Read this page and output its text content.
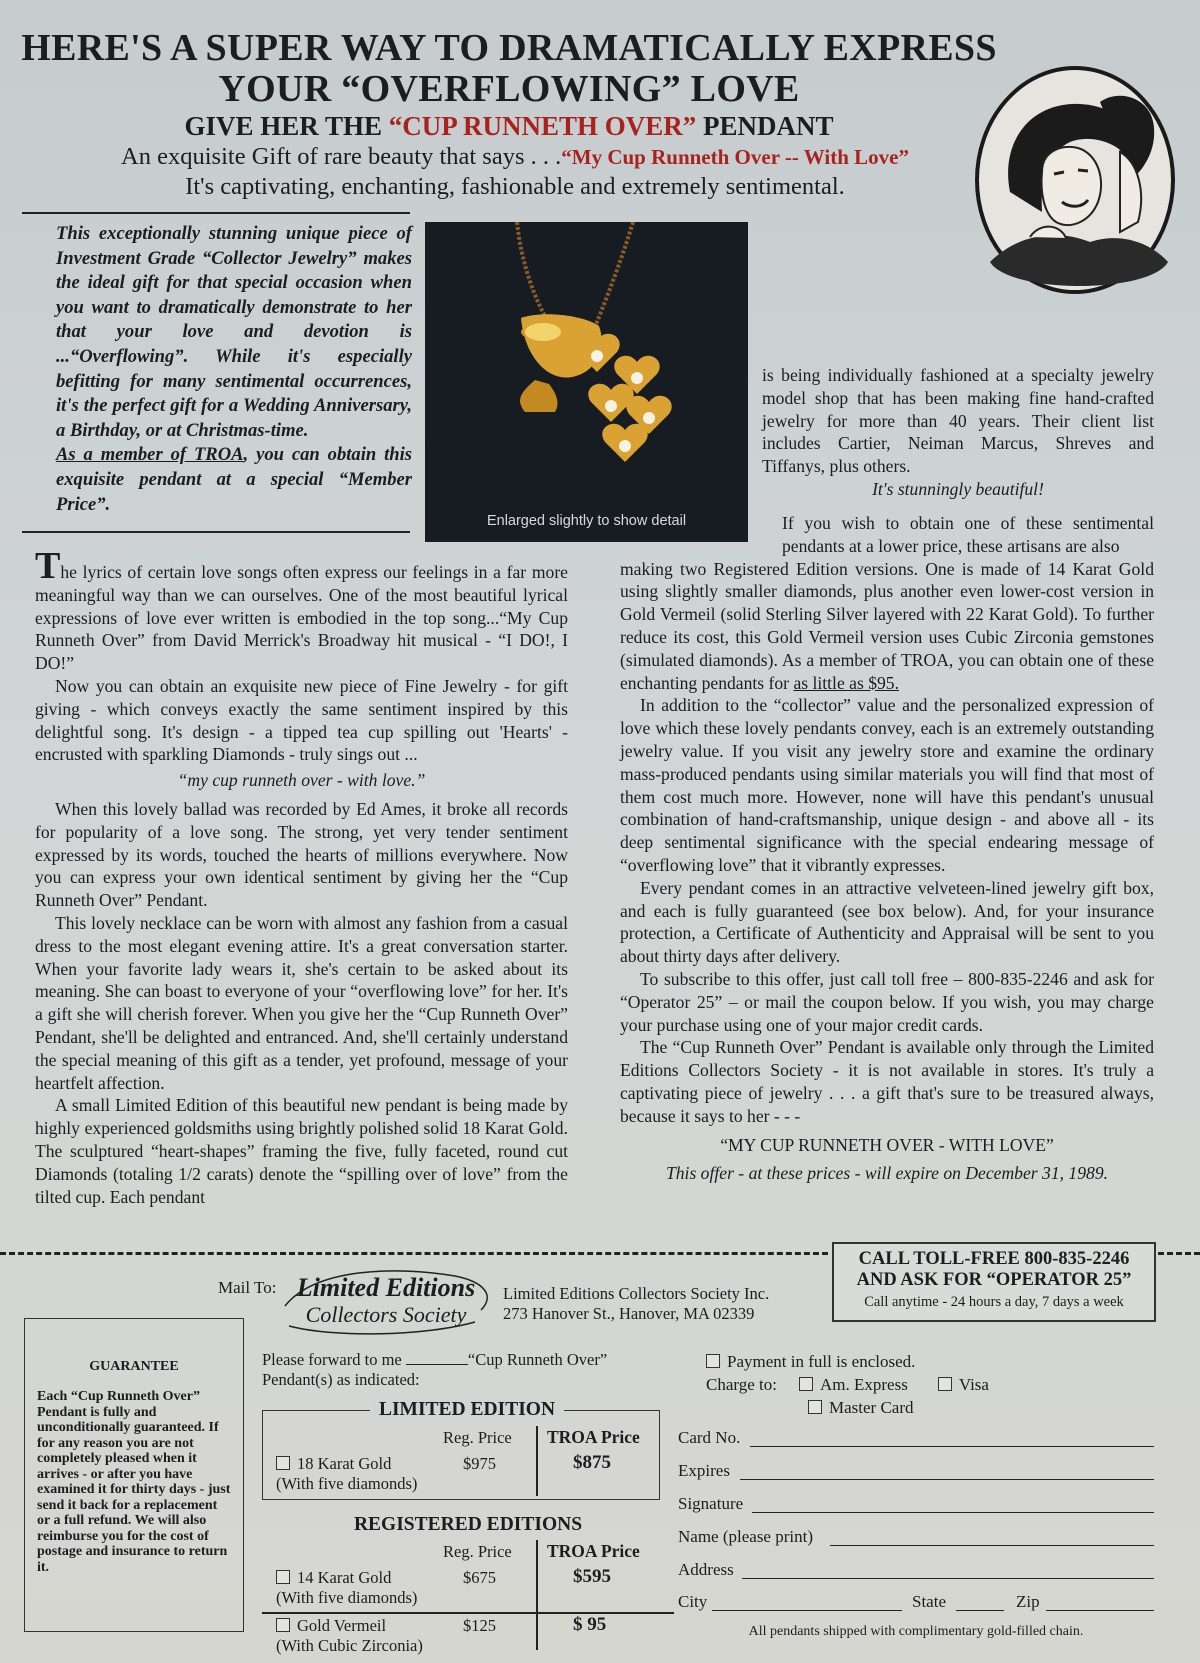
HERE'S A SUPER WAY TO DRAMATICALLY EXPRESS
YOUR “OVERFLOWING” LOVE
GIVE HER THE “CUP RUNNETH OVER” PENDANT
An exquisite Gift of rare beauty that says . . .“My Cup Runneth Over -- With Love”
It's captivating, enchanting, fashionable and extremely sentimental.
This exceptionally stunning unique piece of Investment Grade “Collector Jewelry” makes the ideal gift for that special occasion when you want to dramatically demonstrate to her that your love and devotion is ...“Overflowing”. While it's especially befitting for many sentimental occurrences, it's the perfect gift for a Wedding Anniversary, a Birthday, or at Christmas-time.
As a member of TROA, you can obtain this exquisite pendant at a special “Member Price”.
Enlarged slightly to show detail

is being individually fashioned at a specialty jewelry model shop that has been making fine hand-crafted jewelry for more than 40 years. Their client list includes Cartier, Neiman Marcus, Shreves and Tiffanys, plus others.

It's stunningly beautiful!

The lyrics of certain love songs often express our feelings in a far more meaningful way than we can ourselves. One of the most beautiful lyrical expressions of love ever written is embodied in the top song...“My Cup Runneth Over” from David Merrick's Broadway hit musical - “I DO!, I DO!”

Now you can obtain an exquisite new piece of Fine Jewelry - for gift giving - which conveys exactly the same sentiment inspired by this delightful song. It's design - a tipped tea cup spilling out 'Hearts' - encrusted with sparkling Diamonds - truly sings out ...

“my cup runneth over - with love.”

When this lovely ballad was recorded by Ed Ames, it broke all records for popularity of a love song. The strong, yet very tender sentiment expressed by its words, touched the hearts of millions everywhere. Now you can express your own identical sentiment by giving her the “Cup Runneth Over” Pendant.

This lovely necklace can be worn with almost any fashion from a casual dress to the most elegant evening attire. It's a great conversation starter. When your favorite lady wears it, she's certain to be asked about its meaning. She can boast to everyone of your “overflowing love” for her. It's a gift she will cherish forever. When you give her the “Cup Runneth Over” Pendant, she'll be delighted and entranced. And, she'll certainly understand the special meaning of this gift as a tender, yet profound, message of your heartfelt affection.

A small Limited Edition of this beautiful new pendant is being made by highly experienced goldsmiths using brightly polished solid 18 Karat Gold. The sculptured “heart-shapes” framing the five, fully faceted, round cut Diamonds (totaling 1/2 carats) denote the “spilling over of love” from the tilted cup. Each pendant

If you wish to obtain one of these sentimental pendants at a lower price, these artisans are also

making two Registered Edition versions. One is made of 14 Karat Gold using slightly smaller diamonds, plus another even lower-cost version in Gold Vermeil (solid Sterling Silver layered with 22 Karat Gold). To further reduce its cost, this Gold Vermeil version uses Cubic Zirconia gemstones (simulated diamonds). As a member of TROA, you can obtain one of these enchanting pendants for as little as $95.

In addition to the “collector” value and the personalized expression of love which these lovely pendants convey, each is an extremely outstanding jewelry value. If you visit any jewelry store and examine the ordinary mass-produced pendants using similar materials you will find that most of them cost much more. However, none will have this pendant's unusual combination of hand-craftsmanship, unique design - and above all - its deep sentimental significance with the special endearing message of “overflowing love” that it vibrantly expresses.

Every pendant comes in an attractive velveteen-lined jewelry gift box, and each is fully guaranteed (see box below). And, for your insurance protection, a Certificate of Authenticity and Appraisal will be sent to you about thirty days after delivery.

To subscribe to this offer, just call toll free – 800-835-2246 and ask for “Operator 25” – or mail the coupon below. If you wish, you may charge your purchase using one of your major credit cards.

The “Cup Runneth Over” Pendant is available only through the Limited Editions Collectors Society - it is not available in stores. It's truly a captivating piece of jewelry . . . a gift that's sure to be treasured always, because it says to her - - -

“MY CUP RUNNETH OVER - WITH LOVE”

This offer - at these prices - will expire on December 31, 1989.

CALL TOLL-FREE 800-835-2246
AND ASK FOR “OPERATOR 25”
Call anytime - 24 hours a day, 7 days a week
Mail To: Limited Editions
Collectors Society
Limited Editions Collectors Society Inc.
273 Hanover St., Hanover, MA 02339
GUARANTEE
Each “Cup Runneth Over” Pendant is fully and unconditionally guaranteed. If for any reason you are not completely pleased when it arrives - or after you have examined it for thirty days - just send it back for a replacement or a full refund. We will also reimburse you for the cost of postage and insurance to return it.
Please forward to me	“Cup Runneth Over”
Pendant(s) as indicated:
LIMITED EDITION
Reg. Price TROA Price
18 Karat Gold
(With five diamonds)
$975	$875
REGISTERED EDITIONS
Reg. Price TROA Price
14 Karat Gold
(With five diamonds)
$675	$595
Gold Vermeil
(With Cubic Zirconia)
$125	$ 95
Payment in full is enclosed.
Charge to:	Am. Express	Visa
Master Card
Card No.
Expires
Signature
Name (please print)
Address
City	State	Zip
All pendants shipped with complimentary gold-filled chain.
